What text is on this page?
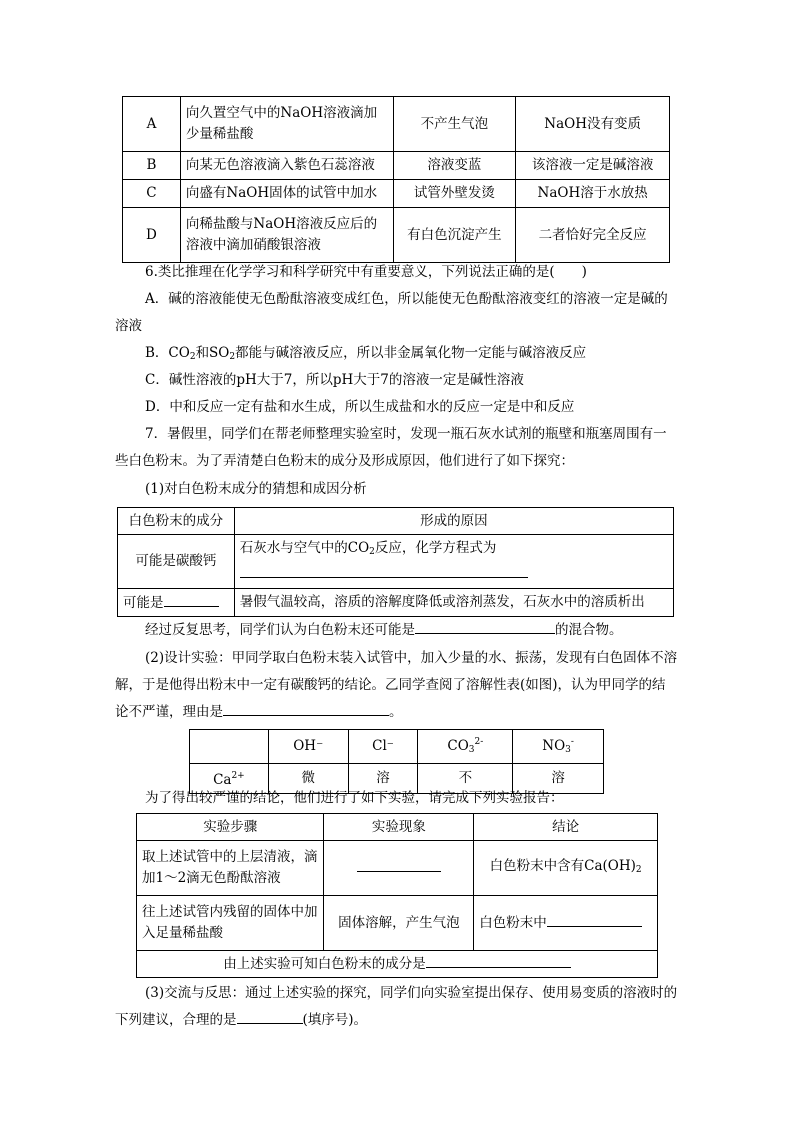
A	向久置空气中的NaOH溶液滴加少量稀盐酸	不产生气泡	NaOH没有变质
B	向某无色溶液滴入紫色石蕊溶液	溶液变蓝	该溶液一定是碱溶液
C	向盛有NaOH固体的试管中加水	试管外壁发烫	NaOH溶于水放热
D	向稀盐酸与NaOH溶液反应后的溶液中滴加硝酸银溶液	有白色沉淀产生	二者恰好完全反应

6.类比推理在化学学习和科学研究中有重要意义，下列说法正确的是(　　)

A．碱的溶液能使无色酚酞溶液变成红色，所以能使无色酚酞溶液变红的溶液一定是碱的溶液

B．$CO_2$和$SO_2$都能与碱溶液反应，所以非金属氧化物一定能与碱溶液反应

C．碱性溶液的pH大于7，所以pH大于7的溶液一定是碱性溶液

D．中和反应一定有盐和水生成，所以生成盐和水的反应一定是中和反应

7．暑假里，同学们在帮老师整理实验室时，发现一瓶石灰水试剂的瓶壁和瓶塞周围有一些白色粉末。为了弄清楚白色粉末的成分及形成原因，他们进行了如下探究：

(1)对白色粉末成分的猜想和成因分析

白色粉末的成分	形成的原因
可能是碳酸钙	石灰水与空气中的$CO_2$反应，化学方程式为

可能是	暑假气温较高，溶质的溶解度降低或溶剂蒸发，石灰水中的溶质析出

经过反复思考，同学们认为白色粉末还可能是	的混合物。

(2)设计实验：甲同学取白色粉末装入试管中，加入少量的水、振荡，发现有白色固体不溶解，于是他得出粉末中一定有碳酸钙的结论。乙同学查阅了溶解性表(如图)，认为甲同学的结论不严谨，理由是	。

	OH⁻	Cl⁻	$CO_3^{2-}$	$NO_3^-$
$Ca^{2+}$	微	溶	不	溶

为了得出较严谨的结论，他们进行了如下实验，请完成下列实验报告：

实验步骤	实验现象	结论
取上述试管中的上层清液，滴加1～2滴无色酚酞溶液		白色粉末中含有$Ca(OH)_2$
往上述试管内残留的固体中加入足量稀盐酸	固体溶解，产生气泡	白色粉末中
由上述实验可知白色粉末的成分是		

(3)交流与反思：通过上述实验的探究，同学们向实验室提出保存、使用易变质的溶液时的下列建议，合理的是	(填序号)。
